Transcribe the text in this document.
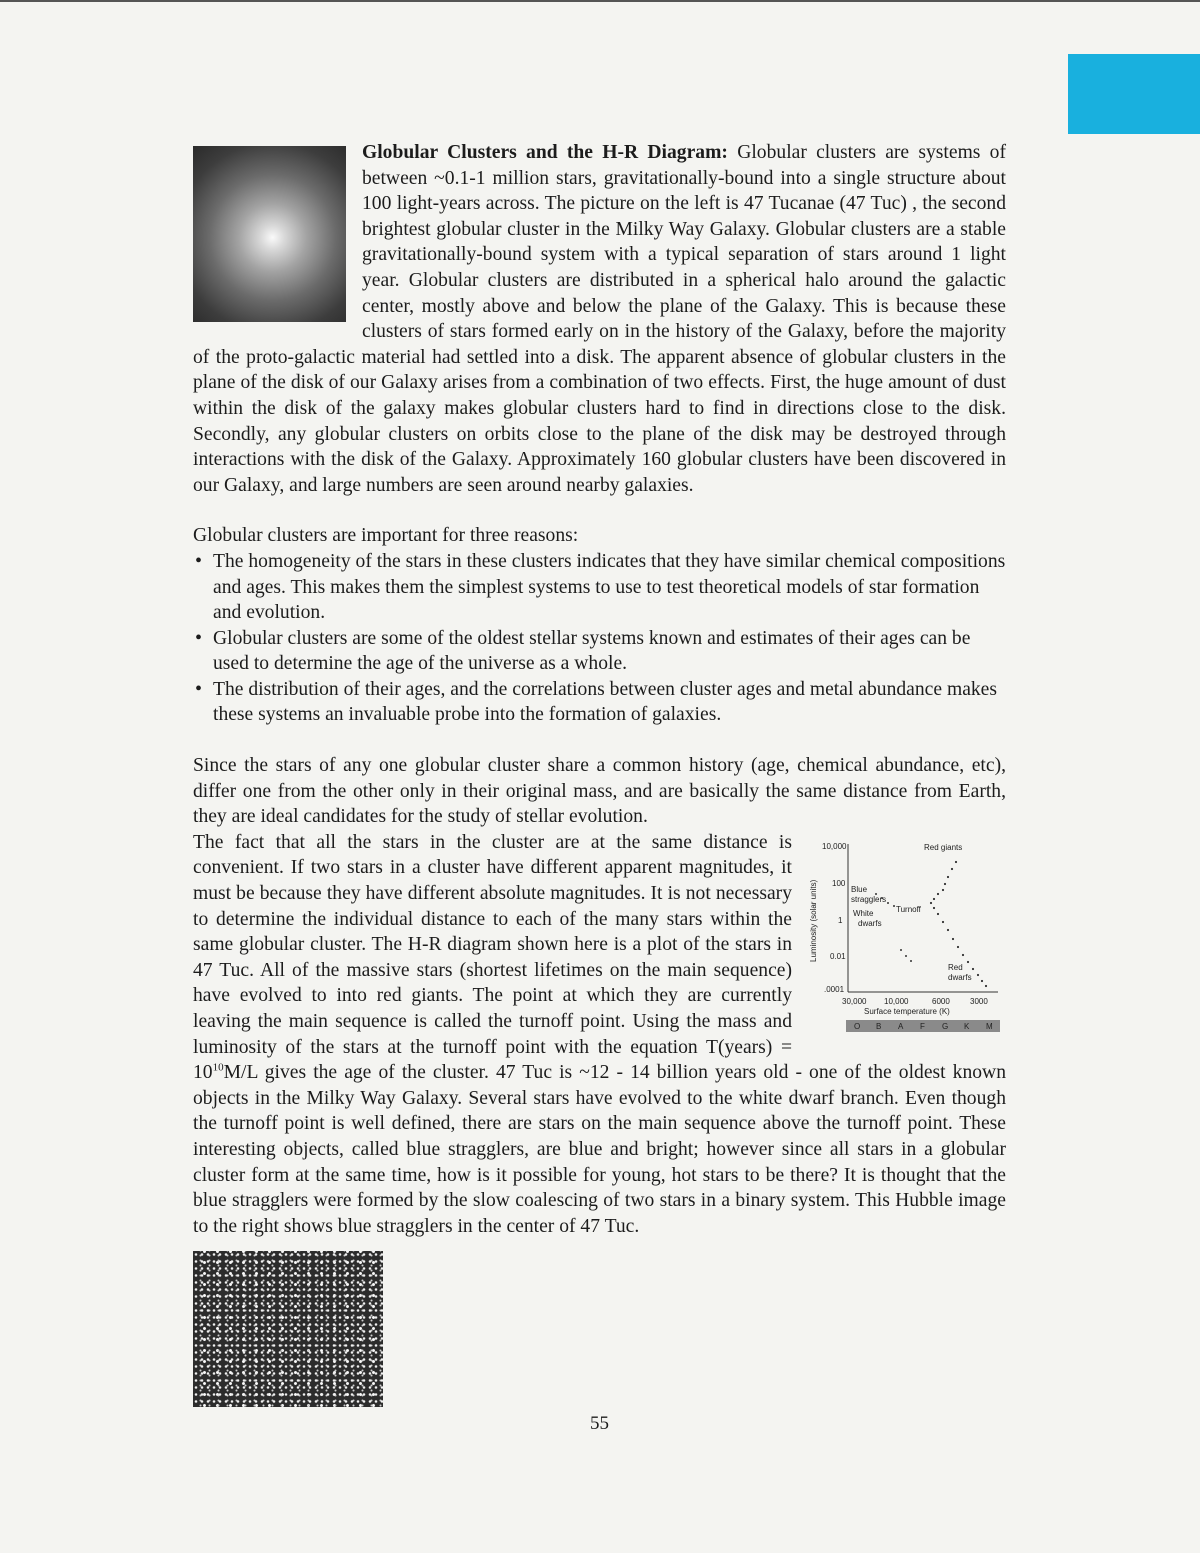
Globular Clusters and the H-R Diagram: Globular clusters are systems of between ~0.1-1 million stars, gravitationally-bound into a single structure about 100 light-years across. The picture on the left is 47 Tucanae (47 Tuc) , the second brightest globular cluster in the Milky Way Galaxy. Globular clusters are a stable gravitationally-bound system with a typical separation of stars around 1 light year. Globular clusters are distributed in a spherical halo around the galactic center, mostly above and below the plane of the Galaxy. This is because these clusters of stars formed early on in the history of the Galaxy, before the majority of the proto-galactic material had settled into a disk. The apparent absence of globular clusters in the plane of the disk of our Galaxy arises from a combination of two effects. First, the huge amount of dust within the disk of the galaxy makes globular clusters hard to find in directions close to the disk. Secondly, any globular clusters on orbits close to the plane of the disk may be destroyed through interactions with the disk of the Galaxy. Approximately 160 globular clusters have been discovered in our Galaxy, and large numbers are seen around nearby galaxies.

Globular clusters are important for three reasons:

• The homogeneity of the stars in these clusters indicates that they have similar chemical compositions and ages. This makes them the simplest systems to use to test theoretical models of star formation and evolution.
• Globular clusters are some of the oldest stellar systems known and estimates of their ages can be used to determine the age of the universe as a whole.
• The distribution of their ages, and the correlations between cluster ages and metal abundance makes these systems an invaluable probe into the formation of galaxies.

Since the stars of any one globular cluster share a common history (age, chemical abundance, etc), differ one from the other only in their original mass, and are basically the same distance from Earth, they are ideal candidates for the study of stellar evolution.

Luminosity (solar units)
10,000
100
1
0.01
.0001
Red giants
Blue
stragglers
Turnoff
White
dwarfs
Red
dwarfs
30,000 10,000	6000	3000
Surface temperature (K)
O B A F G K M

The fact that all the stars in the cluster are at the same distance is convenient. If two stars in a cluster have different apparent magnitudes, it must be because they have different absolute magnitudes. It is not necessary to determine the individual distance to each of the many stars within the same globular cluster. The H-R diagram shown here is a plot of the stars in 47 Tuc. All of the massive stars (shortest lifetimes on the main sequence) have evolved to into red giants. The point at which they are currently leaving the main sequence is called the turnoff point. Using the mass and luminosity of the stars at the turnoff point with the equation T(years) = $10^{10}M/L$ gives the age of the cluster. 47 Tuc is ~12 - 14 billion years old - one of the oldest known objects in the Milky Way Galaxy. Several stars have evolved to the white dwarf branch. Even though the turnoff point is well defined, there are stars on the main sequence above the turnoff point. These interesting objects, called blue stragglers, are blue and bright; however since all stars in a globular cluster form at the same time, how is it possible for young, hot stars to be there? It is thought that the blue stragglers were formed by the slow coalescing of two stars in a binary system. This Hubble image to the right shows blue stragglers in the center of 47 Tuc.

55
